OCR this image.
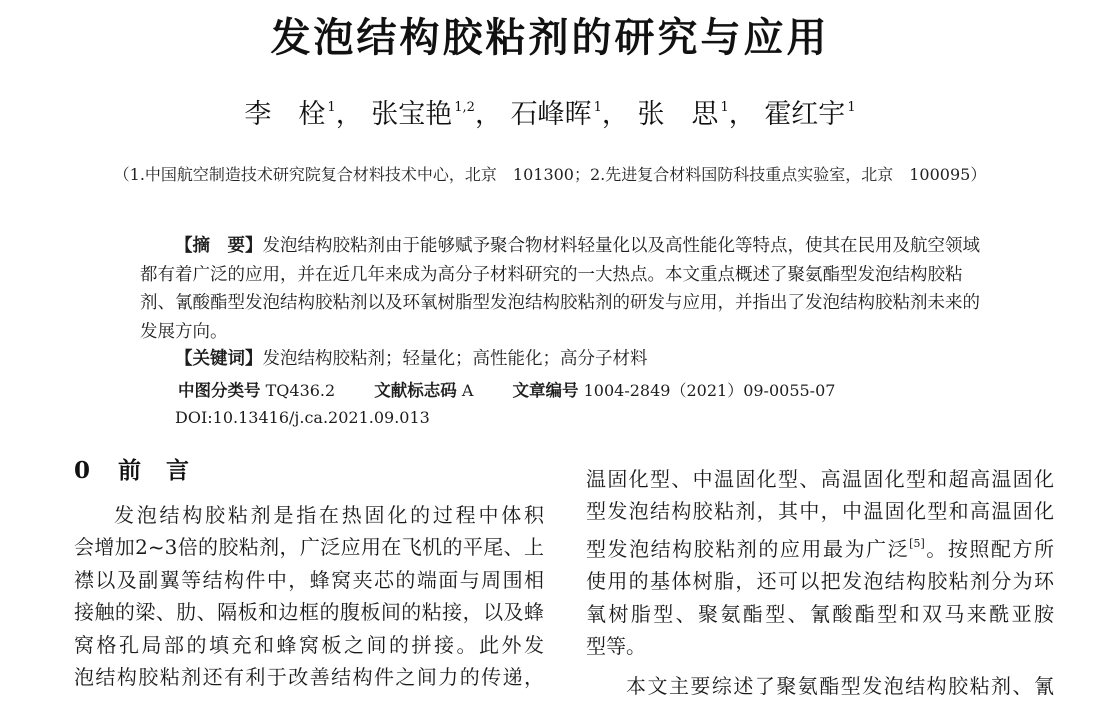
发泡结构胶粘剂的研究与应用
李 栓 $^1$， 张宝艳 $^{1,2}$， 石峰晖 $^1$， 张 思 $^1$， 霍红宇 $^1$
（1.中国航空制造技术研究院复合材料技术中心，北京 101300；2.先进复合材料国防科技重点实验室，北京 100095）

【摘 要】发泡结构胶粘剂由于能够赋予聚合物材料轻量化以及高性能化等特点，使其在民用及航空领域都有着广泛的应用，并在近几年来成为高分子材料研究的一大热点。本文重点概述了聚氨酯型发泡结构胶粘剂、氰酸酯型发泡结构胶粘剂以及环氧树脂型发泡结构胶粘剂的研发与应用，并指出了发泡结构胶粘剂未来的发展方向。

【关键词】发泡结构胶粘剂；轻量化；高性能化；高分子材料
中图分类号 TQ436.2 文献标志码 A 文章编号 1004-2849（2021）09-0055-07
DOI:10.13416/j.ca.2021.09.013
0 前 言
发泡结构胶粘剂是指在热固化的过程中体积
会增加2~3倍的胶粘剂，广泛应用在飞机的平尾、上
襟以及副翼等结构件中，蜂窝夹芯的端面与周围相
接触的梁、肋、隔板和边框的腹板间的粘接，以及蜂
窝格孔局部的填充和蜂窝板之间的拼接。此外发
泡结构胶粘剂还有利于改善结构件之间力的传递，
温固化型、中温固化型、高温固化型和超高温固化
型发泡结构胶粘剂，其中，中温固化型和高温固化
型发泡结构胶粘剂的应用最为广泛[5]。按照配方所
使用的基体树脂，还可以把发泡结构胶粘剂分为环
氧树脂型、聚氨酯型、氰酸酯型和双马来酰亚胺
型等。
本文主要综述了聚氨酯型发泡结构胶粘剂、氰
